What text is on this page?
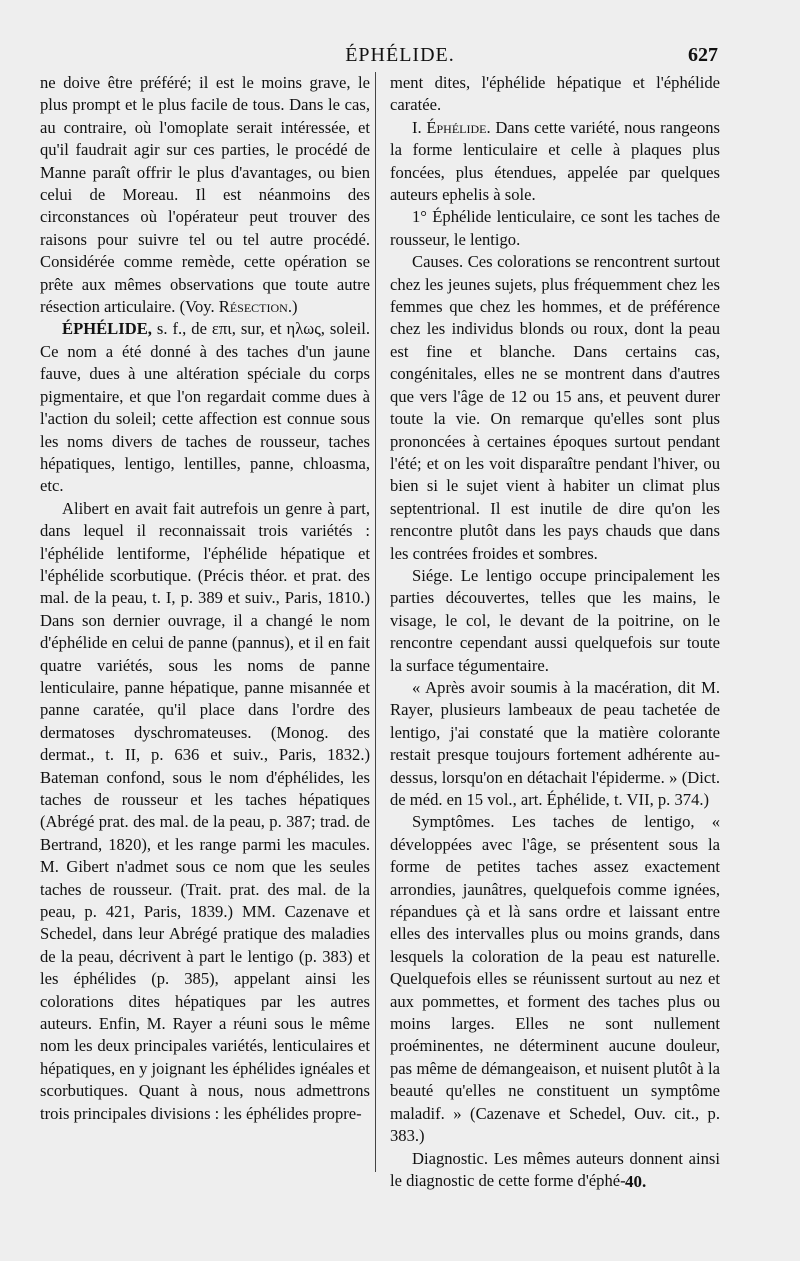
ÉPHÉLIDE.	627

ne doive être préféré; il est le moins grave, le plus prompt et le plus facile de tous. Dans le cas, au contraire, où l'omoplate serait intéressée, et qu'il faudrait agir sur ces parties, le procédé de Manne paraît offrir le plus d'avantages, ou bien celui de Moreau. Il est néanmoins des circonstances où l'opérateur peut trouver des raisons pour suivre tel ou tel autre procédé. Considérée comme remède, cette opération se prête aux mêmes observations que toute autre résection articulaire. (Voy. Résection.)

ÉPHÉLIDE, s. f., de επι, sur, et ηλως, soleil. Ce nom a été donné à des taches d'un jaune fauve, dues à une altération spéciale du corps pigmentaire, et que l'on regardait comme dues à l'action du soleil; cette affection est connue sous les noms divers de taches de rousseur, taches hépatiques, lentigo, lentilles, panne, chloasma, etc.

Alibert en avait fait autrefois un genre à part, dans lequel il reconnaissait trois variétés : l'éphélide lentiforme, l'éphélide hépatique et l'éphélide scorbutique. (Précis théor. et prat. des mal. de la peau, t. I, p. 389 et suiv., Paris, 1810.) Dans son dernier ouvrage, il a changé le nom d'éphélide en celui de panne (pannus), et il en fait quatre variétés, sous les noms de panne lenticulaire, panne hépatique, panne misannée et panne caratée, qu'il place dans l'ordre des dermatoses dyschromateuses. (Monog. des dermat., t. II, p. 636 et suiv., Paris, 1832.) Bateman confond, sous le nom d'éphélides, les taches de rousseur et les taches hépatiques (Abrégé prat. des mal. de la peau, p. 387; trad. de Bertrand, 1820), et les range parmi les macules. M. Gibert n'admet sous ce nom que les seules taches de rousseur. (Trait. prat. des mal. de la peau, p. 421, Paris, 1839.) MM. Cazenave et Schedel, dans leur Abrégé pratique des maladies de la peau, décrivent à part le lentigo (p. 383) et les éphélides (p. 385), appelant ainsi les colorations dites hépatiques par les autres auteurs. Enfin, M. Rayer a réuni sous le même nom les deux principales variétés, lenticulaires et hépatiques, en y joignant les éphélides ignéales et scorbutiques. Quant à nous, nous admettrons trois principales divisions : les éphélides propre-

ment dites, l'éphélide hépatique et l'éphélide caratée.

I. Éphélide. Dans cette variété, nous rangeons la forme lenticulaire et celle à plaques plus foncées, plus étendues, appelée par quelques auteurs ephelis à sole.

1° Éphélide lenticulaire, ce sont les taches de rousseur, le lentigo.

Causes. Ces colorations se rencontrent surtout chez les jeunes sujets, plus fréquemment chez les femmes que chez les hommes, et de préférence chez les individus blonds ou roux, dont la peau est fine et blanche. Dans certains cas, congénitales, elles ne se montrent dans d'autres que vers l'âge de 12 ou 15 ans, et peuvent durer toute la vie. On remarque qu'elles sont plus prononcées à certaines époques surtout pendant l'été; et on les voit disparaître pendant l'hiver, ou bien si le sujet vient à habiter un climat plus septentrional. Il est inutile de dire qu'on les rencontre plutôt dans les pays chauds que dans les contrées froides et sombres.

Siége. Le lentigo occupe principalement les parties découvertes, telles que les mains, le visage, le col, le devant de la poitrine, on le rencontre cependant aussi quelquefois sur toute la surface tégumentaire.

« Après avoir soumis à la macération, dit M. Rayer, plusieurs lambeaux de peau tachetée de lentigo, j'ai constaté que la matière colorante restait presque toujours fortement adhérente au-dessus, lorsqu'on en détachait l'épiderme. » (Dict. de méd. en 15 vol., art. Éphélide, t. VII, p. 374.)

Symptômes. Les taches de lentigo, « développées avec l'âge, se présentent sous la forme de petites taches assez exactement arrondies, jaunâtres, quelquefois comme ignées, répandues çà et là sans ordre et laissant entre elles des intervalles plus ou moins grands, dans lesquels la coloration de la peau est naturelle. Quelquefois elles se réunissent surtout au nez et aux pommettes, et forment des taches plus ou moins larges. Elles ne sont nullement proéminentes, ne déterminent aucune douleur, pas même de démangeaison, et nuisent plutôt à la beauté qu'elles ne constituent un symptôme maladif. » (Cazenave et Schedel, Ouv. cit., p. 383.)

Diagnostic. Les mêmes auteurs donnent ainsi le diagnostic de cette forme d'éphé- 40.
